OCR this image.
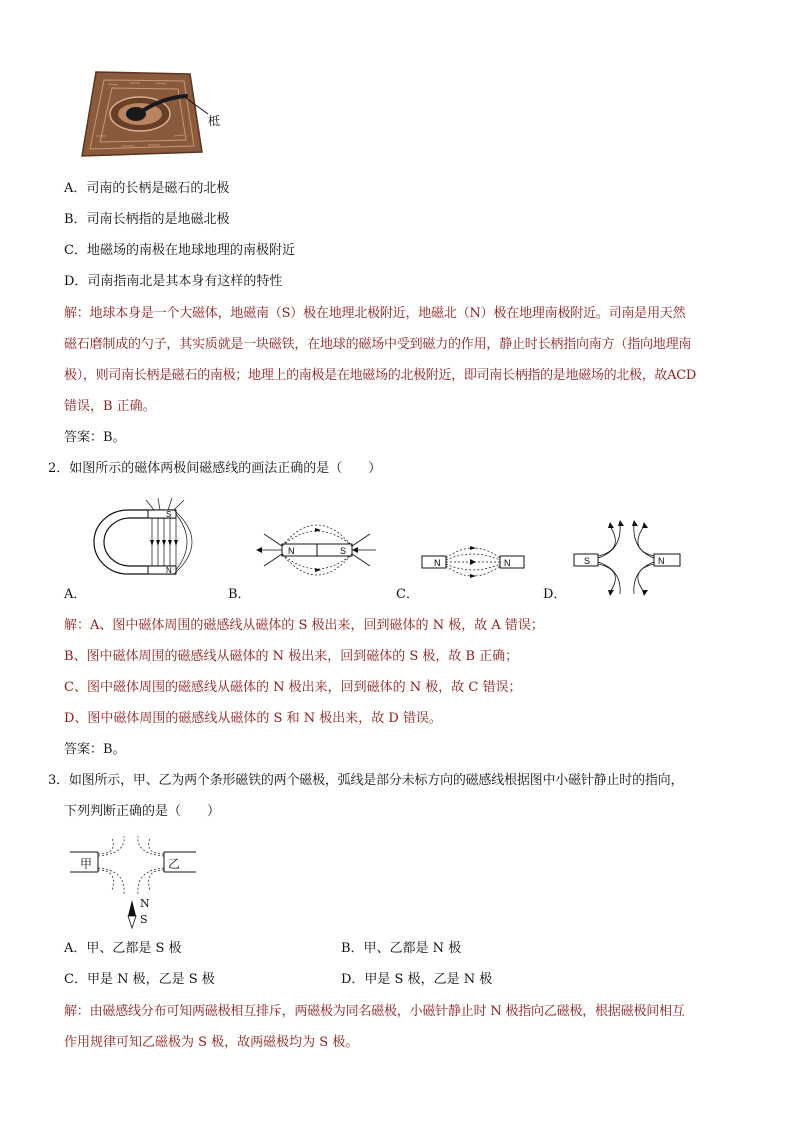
柢
A．司南的长柄是磁石的北极
B．司南长柄指的是地磁北极
C．地磁场的南极在地球地理的南极附近
D．司南指南北是其本身有这样的特性
解：地球本身是一个大磁体，地磁南（S）极在地理北极附近，地磁北（N）极在地理南极附近。司南是用天然
磁石磨制成的勺子，其实质就是一块磁铁，在地球的磁场中受到磁力的作用，静止时长柄指向南方（指向地理南
极），则司南长柄是磁石的南极；地理上的南极是在地磁场的北极附近，即司南长柄指的是地磁场的北极，故ACD
错误，B 正确。
答案：B。
2．如图所示的磁体两极间磁感线的画法正确的是（　　）
S
N
A．
N	S
B．
N	N
C．
S	N
D．
解：A、图中磁体周围的磁感线从磁体的 S 极出来，回到磁体的 N 极，故 A 错误；
B、图中磁体周围的磁感线从磁体的 N 极出来，回到磁体的 S 极，故 B 正确；
C、图中磁体周围的磁感线从磁体的 N 极出来，回到磁体的 N 极，故 C 错误；
D、图中磁体周围的磁感线从磁体的 S 和 N 极出来，故 D 错误。
答案：B。
3．如图所示，甲、乙为两个条形磁铁的两个磁极，弧线是部分未标方向的磁感线根据图中小磁针静止时的指向，
下列判断正确的是（　　）
甲	乙
N
S
A．甲、乙都是 S 极	B．甲、乙都是 N 极
C．甲是 N 极，乙是 S 极	D．甲是 S 极，乙是 N 极
解：由磁感线分布可知两磁极相互排斥，两磁极为同名磁极，小磁针静止时 N 极指向乙磁极，根据磁极间相互
作用规律可知乙磁极为 S 极，故两磁极均为 S 极。
